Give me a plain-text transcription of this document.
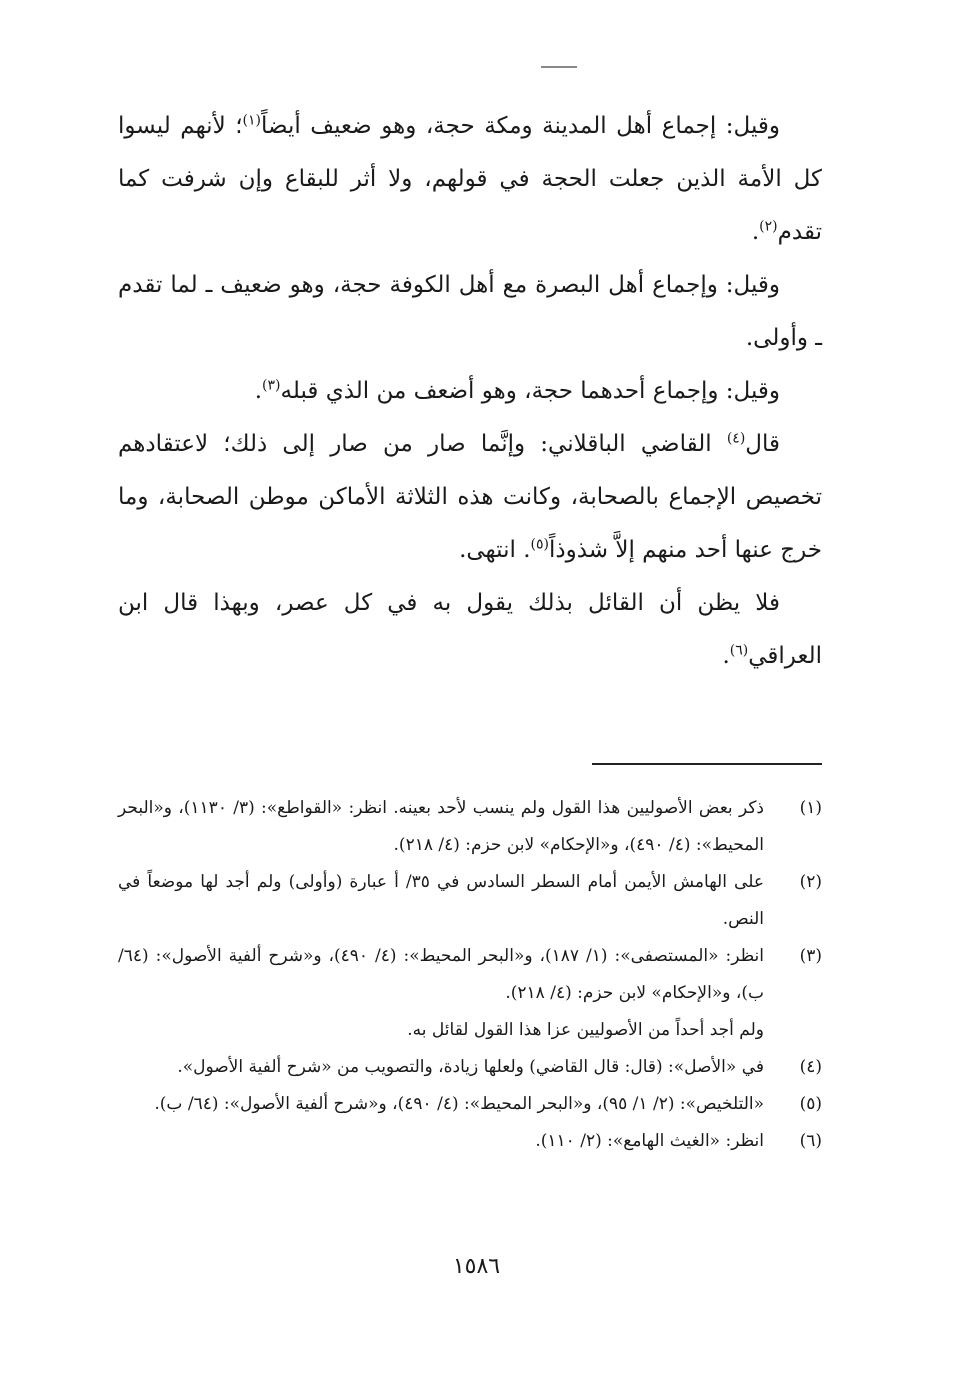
وقيل: إجماع أهل المدينة ومكة حجة، وهو ضعيف أيضاً$^{(١)}$؛ لأنهم ليسوا كل الأمة الذين جعلت الحجة في قولهم، ولا أثر للبقاع وإن شرفت كما تقدم$^{(٢)}$.

وقيل: وإجماع أهل البصرة مع أهل الكوفة حجة، وهو ضعيف ـ لما تقدم ـ وأولى.

وقيل: وإجماع أحدهما حجة، وهو أضعف من الذي قبله$^{(٣)}$.

قال$^{(٤)}$ القاضي الباقلاني: وإنَّما صار من صار إلى ذلك؛ لاعتقادهم تخصيص الإجماع بالصحابة، وكانت هذه الثلاثة الأماكن موطن الصحابة، وما خرج عنها أحد منهم إلاَّ شذوذاً$^{(٥)}$. انتهى.

فلا يظن أن القائل بذلك يقول به في كل عصر، وبهذا قال ابن العراقي$^{(٦)}$.

(١)
ذكر بعض الأصوليين هذا القول ولم ينسب لأحد بعينه. انظر: «القواطع»: (٣/ ١١٣٠)، و«البحر المحيط»: (٤/ ٤٩٠)، و«الإحكام» لابن حزم: (٤/ ٢١٨).
(٢)
على الهامش الأيمن أمام السطر السادس في ٣٥/ أ عبارة (وأولى) ولم أجد لها موضعاً في النص.
(٣)
انظر: «المستصفى»: (١/ ١٨٧)، و«البحر المحيط»: (٤/ ٤٩٠)، و«شرح ألفية الأصول»: (٦٤/ ب)، و«الإحكام» لابن حزم: (٤/ ٢١٨).
ولم أجد أحداً من الأصوليين عزا هذا القول لقائل به.
(٤)
في «الأصل»: (قال: قال القاضي) ولعلها زيادة، والتصويب من «شرح ألفية الأصول».
(٥)
«التلخيص»: (٢/ ١/ ٩٥)، و«البحر المحيط»: (٤/ ٤٩٠)، و«شرح ألفية الأصول»: (٦٤/ ب).
(٦)
انظر: «الغيث الهامع»: (٢/ ١١٠).
١٥٨٦
